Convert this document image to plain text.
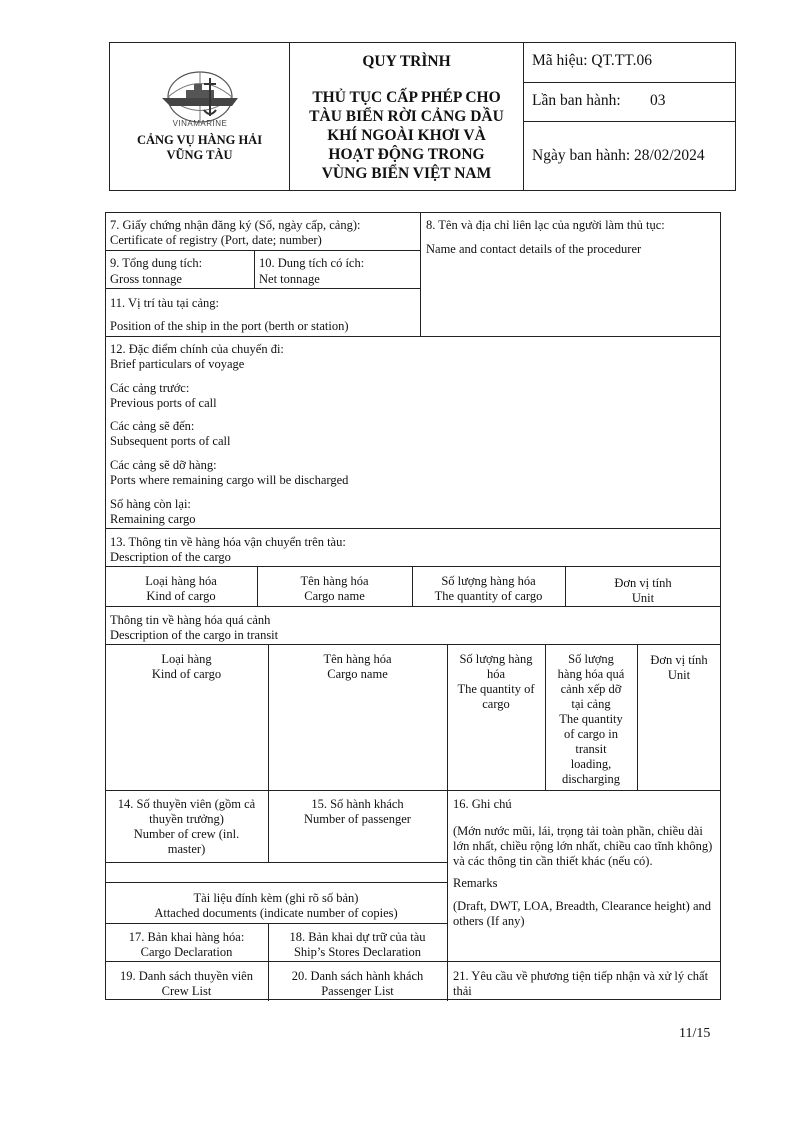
VINAMARINE
CẢNG VỤ HÀNG HẢI
VŨNG TÀU
QUY TRÌNH
THỦ TỤC CẤP PHÉP CHO
TÀU BIỂN RỜI CẢNG DẦU
KHÍ NGOÀI KHƠI VÀ
HOẠT ĐỘNG TRONG
VÙNG BIỂN VIỆT NAM
Mã hiệu: QT.TT.06
Lần ban hành: 03
Ngày ban hành: 28/02/2024
7. Giấy chứng nhận đăng ký (Số, ngày cấp, cảng):
Certificate of registry (Port, date; number)
8. Tên và địa chỉ liên lạc của người làm thủ tục:
Name and contact details of the procedurer
9. Tổng dung tích:
Gross tonnage
10. Dung tích có ích:
Net tonnage
11. Vị trí tàu tại cảng:
Position of the ship in the port (berth or station)
12. Đặc điểm chính của chuyến đi:
Brief particulars of voyage
Các cảng trước:
Previous ports of call
Các cảng sẽ đến:
Subsequent ports of call
Các cảng sẽ dỡ hàng:
Ports where remaining cargo will be discharged
Số hàng còn lại:
Remaining cargo
13. Thông tin về hàng hóa vận chuyển trên tàu:
Description of the cargo
Loại hàng hóa
Kind of cargo
Tên hàng hóa
Cargo name
Số lượng hàng hóa
The quantity of cargo
Đơn vị tính
Unit
Thông tin về hàng hóa quá cảnh
Description of the cargo in transit
Loại hàng
Kind of cargo
Tên hàng hóa
Cargo name
Số lượng hàng
hóa
The quantity of
cargo
Số lượng
hàng hóa quá
cảnh xếp dỡ
tại cảng
The quantity
of cargo in
transit
loading,
discharging
Đơn vị tính
Unit
14. Số thuyền viên (gồm cả
thuyền trưởng)
Number of crew (inl.
master)
15. Số hành khách
Number of passenger
16. Ghi chú
(Mớn nước mũi, lái, trọng tải toàn phần, chiều dài lớn nhất, chiều rộng lớn nhất, chiều cao tĩnh không) và các thông tin cần thiết khác (nếu có).
Remarks
(Draft, DWT, LOA, Breadth, Clearance height) and others (If any)
Tài liệu đính kèm (ghi rõ số bản)
Attached documents (indicate number of copies)
17. Bản khai hàng hóa:
Cargo Declaration
18. Bản khai dự trữ của tàu
Ship’s Stores Declaration
19. Danh sách thuyền viên
Crew List
20. Danh sách hành khách
Passenger List
21. Yêu cầu về phương tiện tiếp nhận và xử lý chất thải
11/15
